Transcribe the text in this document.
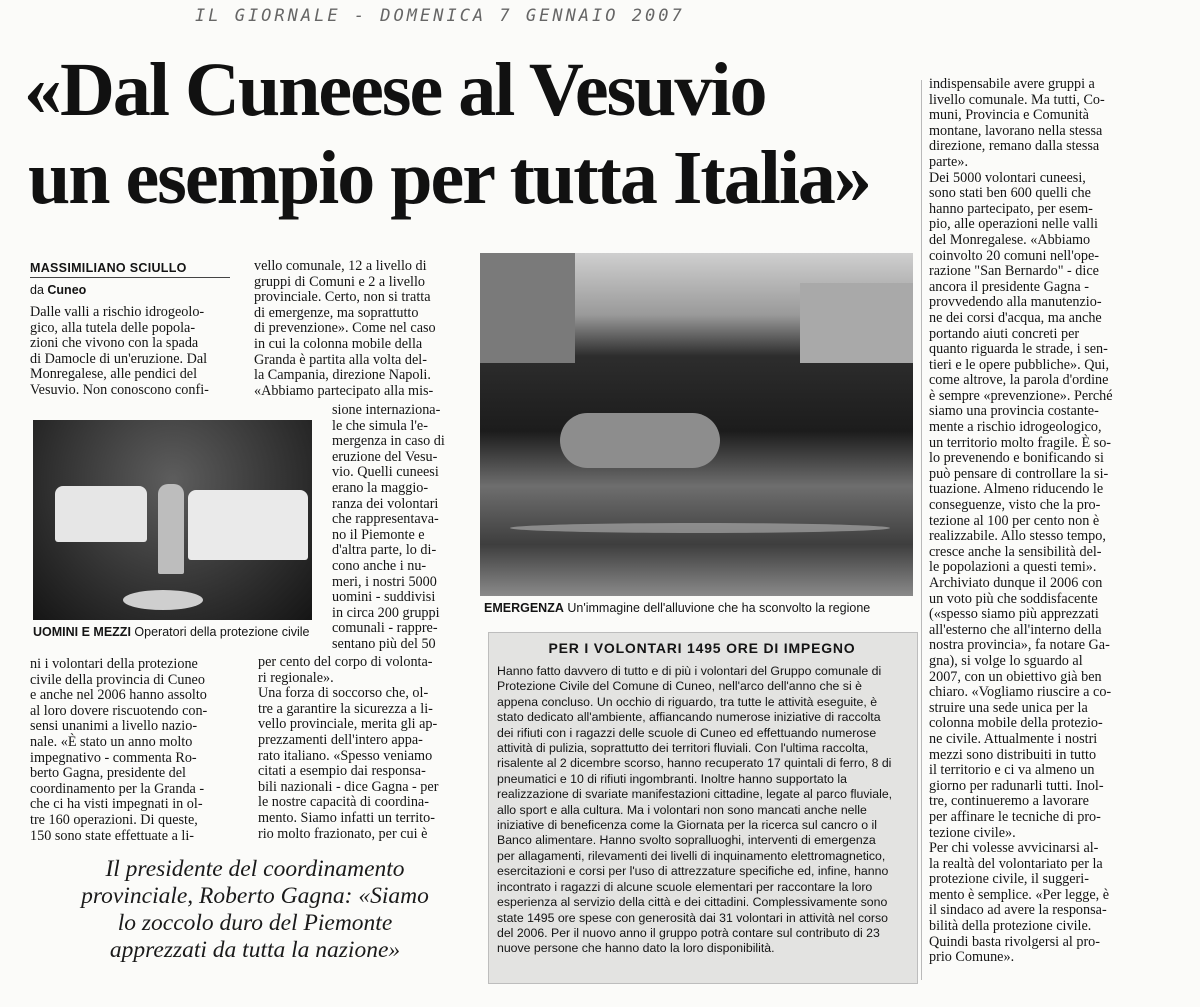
IL GIORNALE - DOMENICA 7 GENNAIO 2007
«Dal Cuneese al Vesuvio
un esempio per tutta Italia»
MASSIMILIANO SCIULLO
da Cuneo
Dalle valli a rischio idrogeolo-
gico, alla tutela delle popola-
zioni che vivono con la spada
di Damocle di un'eruzione. Dal
Monregalese, alle pendici del
Vesuvio. Non conoscono confi-
UOMINI E MEZZI Operatori della protezione civile
ni i volontari della protezione
civile della provincia di Cuneo
e anche nel 2006 hanno assolto
al loro dovere riscuotendo con-
sensi unanimi a livello nazio-
nale. «È stato un anno molto
impegnativo - commenta Ro-
berto Gagna, presidente del
coordinamento per la Granda -
che ci ha visti impegnati in ol-
tre 160 operazioni. Di queste,
150 sono state effettuate a li-
vello comunale, 12 a livello di
gruppi di Comuni e 2 a livello
provinciale. Certo, non si tratta
di emergenze, ma soprattutto
di prevenzione». Come nel caso
in cui la colonna mobile della
Granda è partita alla volta del-
la Campania, direzione Napoli.
«Abbiamo partecipato alla mis-
sione internaziona-
le che simula l'e-
mergenza in caso di
eruzione del Vesu-
vio. Quelli cuneesi
erano la maggio-
ranza dei volontari
che rappresentava-
no il Piemonte e
d'altra parte, lo di-
cono anche i nu-
meri, i nostri 5000
uomini - suddivisi
in circa 200 gruppi
comunali - rappre-
sentano più del 50
per cento del corpo di volonta-
ri regionale».
Una forza di soccorso che, ol-
tre a garantire la sicurezza a li-
vello provinciale, merita gli ap-
prezzamenti dell'intero appa-
rato italiano. «Spesso veniamo
citati a esempio dai responsa-
bili nazionali - dice Gagna - per
le nostre capacità di coordina-
mento. Siamo infatti un territo-
rio molto frazionato, per cui è
EMERGENZA Un'immagine dell'alluvione che ha sconvolto la regione
PER I VOLONTARI 1495 ORE DI IMPEGNO
Hanno fatto davvero di tutto e di più i volontari del Gruppo comunale di
Protezione Civile del Comune di Cuneo, nell'arco dell'anno che si è
appena concluso. Un occhio di riguardo, tra tutte le attività eseguite, è
stato dedicato all'ambiente, affiancando numerose iniziative di raccolta
dei rifiuti con i ragazzi delle scuole di Cuneo ed effettuando numerose
attività di pulizia, soprattutto dei territori fluviali. Con l'ultima raccolta,
risalente al 2 dicembre scorso, hanno recuperato 17 quintali di ferro, 8 di
pneumatici e 10 di rifiuti ingombranti. Inoltre hanno supportato la
realizzazione di svariate manifestazioni cittadine, legate al parco fluviale,
allo sport e alla cultura. Ma i volontari non sono mancati anche nelle
iniziative di beneficenza come la Giornata per la ricerca sul cancro o il
Banco alimentare. Hanno svolto sopralluoghi, interventi di emergenza
per allagamenti, rilevamenti dei livelli di inquinamento elettromagnetico,
esercitazioni e corsi per l'uso di attrezzature specifiche ed, infine, hanno
incontrato i ragazzi di alcune scuole elementari per raccontare la loro
esperienza al servizio della città e dei cittadini. Complessivamente sono
state 1495 ore spese con generosità dai 31 volontari in attività nel corso
del 2006. Per il nuovo anno il gruppo potrà contare sul contributo di 23
nuove persone che hanno dato la loro disponibilità.
indispensabile avere gruppi a
livello comunale. Ma tutti, Co-
muni, Provincia e Comunità
montane, lavorano nella stessa
direzione, remano dalla stessa
parte».
Dei 5000 volontari cuneesi,
sono stati ben 600 quelli che
hanno partecipato, per esem-
pio, alle operazioni nelle valli
del Monregalese. «Abbiamo
coinvolto 20 comuni nell'ope-
razione "San Bernardo" - dice
ancora il presidente Gagna -
provvedendo alla manutenzio-
ne dei corsi d'acqua, ma anche
portando aiuti concreti per
quanto riguarda le strade, i sen-
tieri e le opere pubbliche». Qui,
come altrove, la parola d'ordine
è sempre «prevenzione». Perché
siamo una provincia costante-
mente a rischio idrogeologico,
un territorio molto fragile. È so-
lo prevenendo e bonificando si
può pensare di controllare la si-
tuazione. Almeno riducendo le
conseguenze, visto che la pro-
tezione al 100 per cento non è
realizzabile. Allo stesso tempo,
cresce anche la sensibilità del-
le popolazioni a questi temi».
Archiviato dunque il 2006 con
un voto più che soddisfacente
(«spesso siamo più apprezzati
all'esterno che all'interno della
nostra provincia», fa notare Ga-
gna), si volge lo sguardo al
2007, con un obiettivo già ben
chiaro. «Vogliamo riuscire a co-
struire una sede unica per la
colonna mobile della protezio-
ne civile. Attualmente i nostri
mezzi sono distribuiti in tutto
il territorio e ci va almeno un
giorno per radunarli tutti. Inol-
tre, continueremo a lavorare
per affinare le tecniche di pro-
tezione civile».
Per chi volesse avvicinarsi al-
la realtà del volontariato per la
protezione civile, il suggeri-
mento è semplice. «Per legge, è
il sindaco ad avere la responsa-
bilità della protezione civile.
Quindi basta rivolgersi al pro-
prio Comune».
Il presidente del coordinamento
provinciale, Roberto Gagna: «Siamo
lo zoccolo duro del Piemonte
apprezzati da tutta la nazione»
